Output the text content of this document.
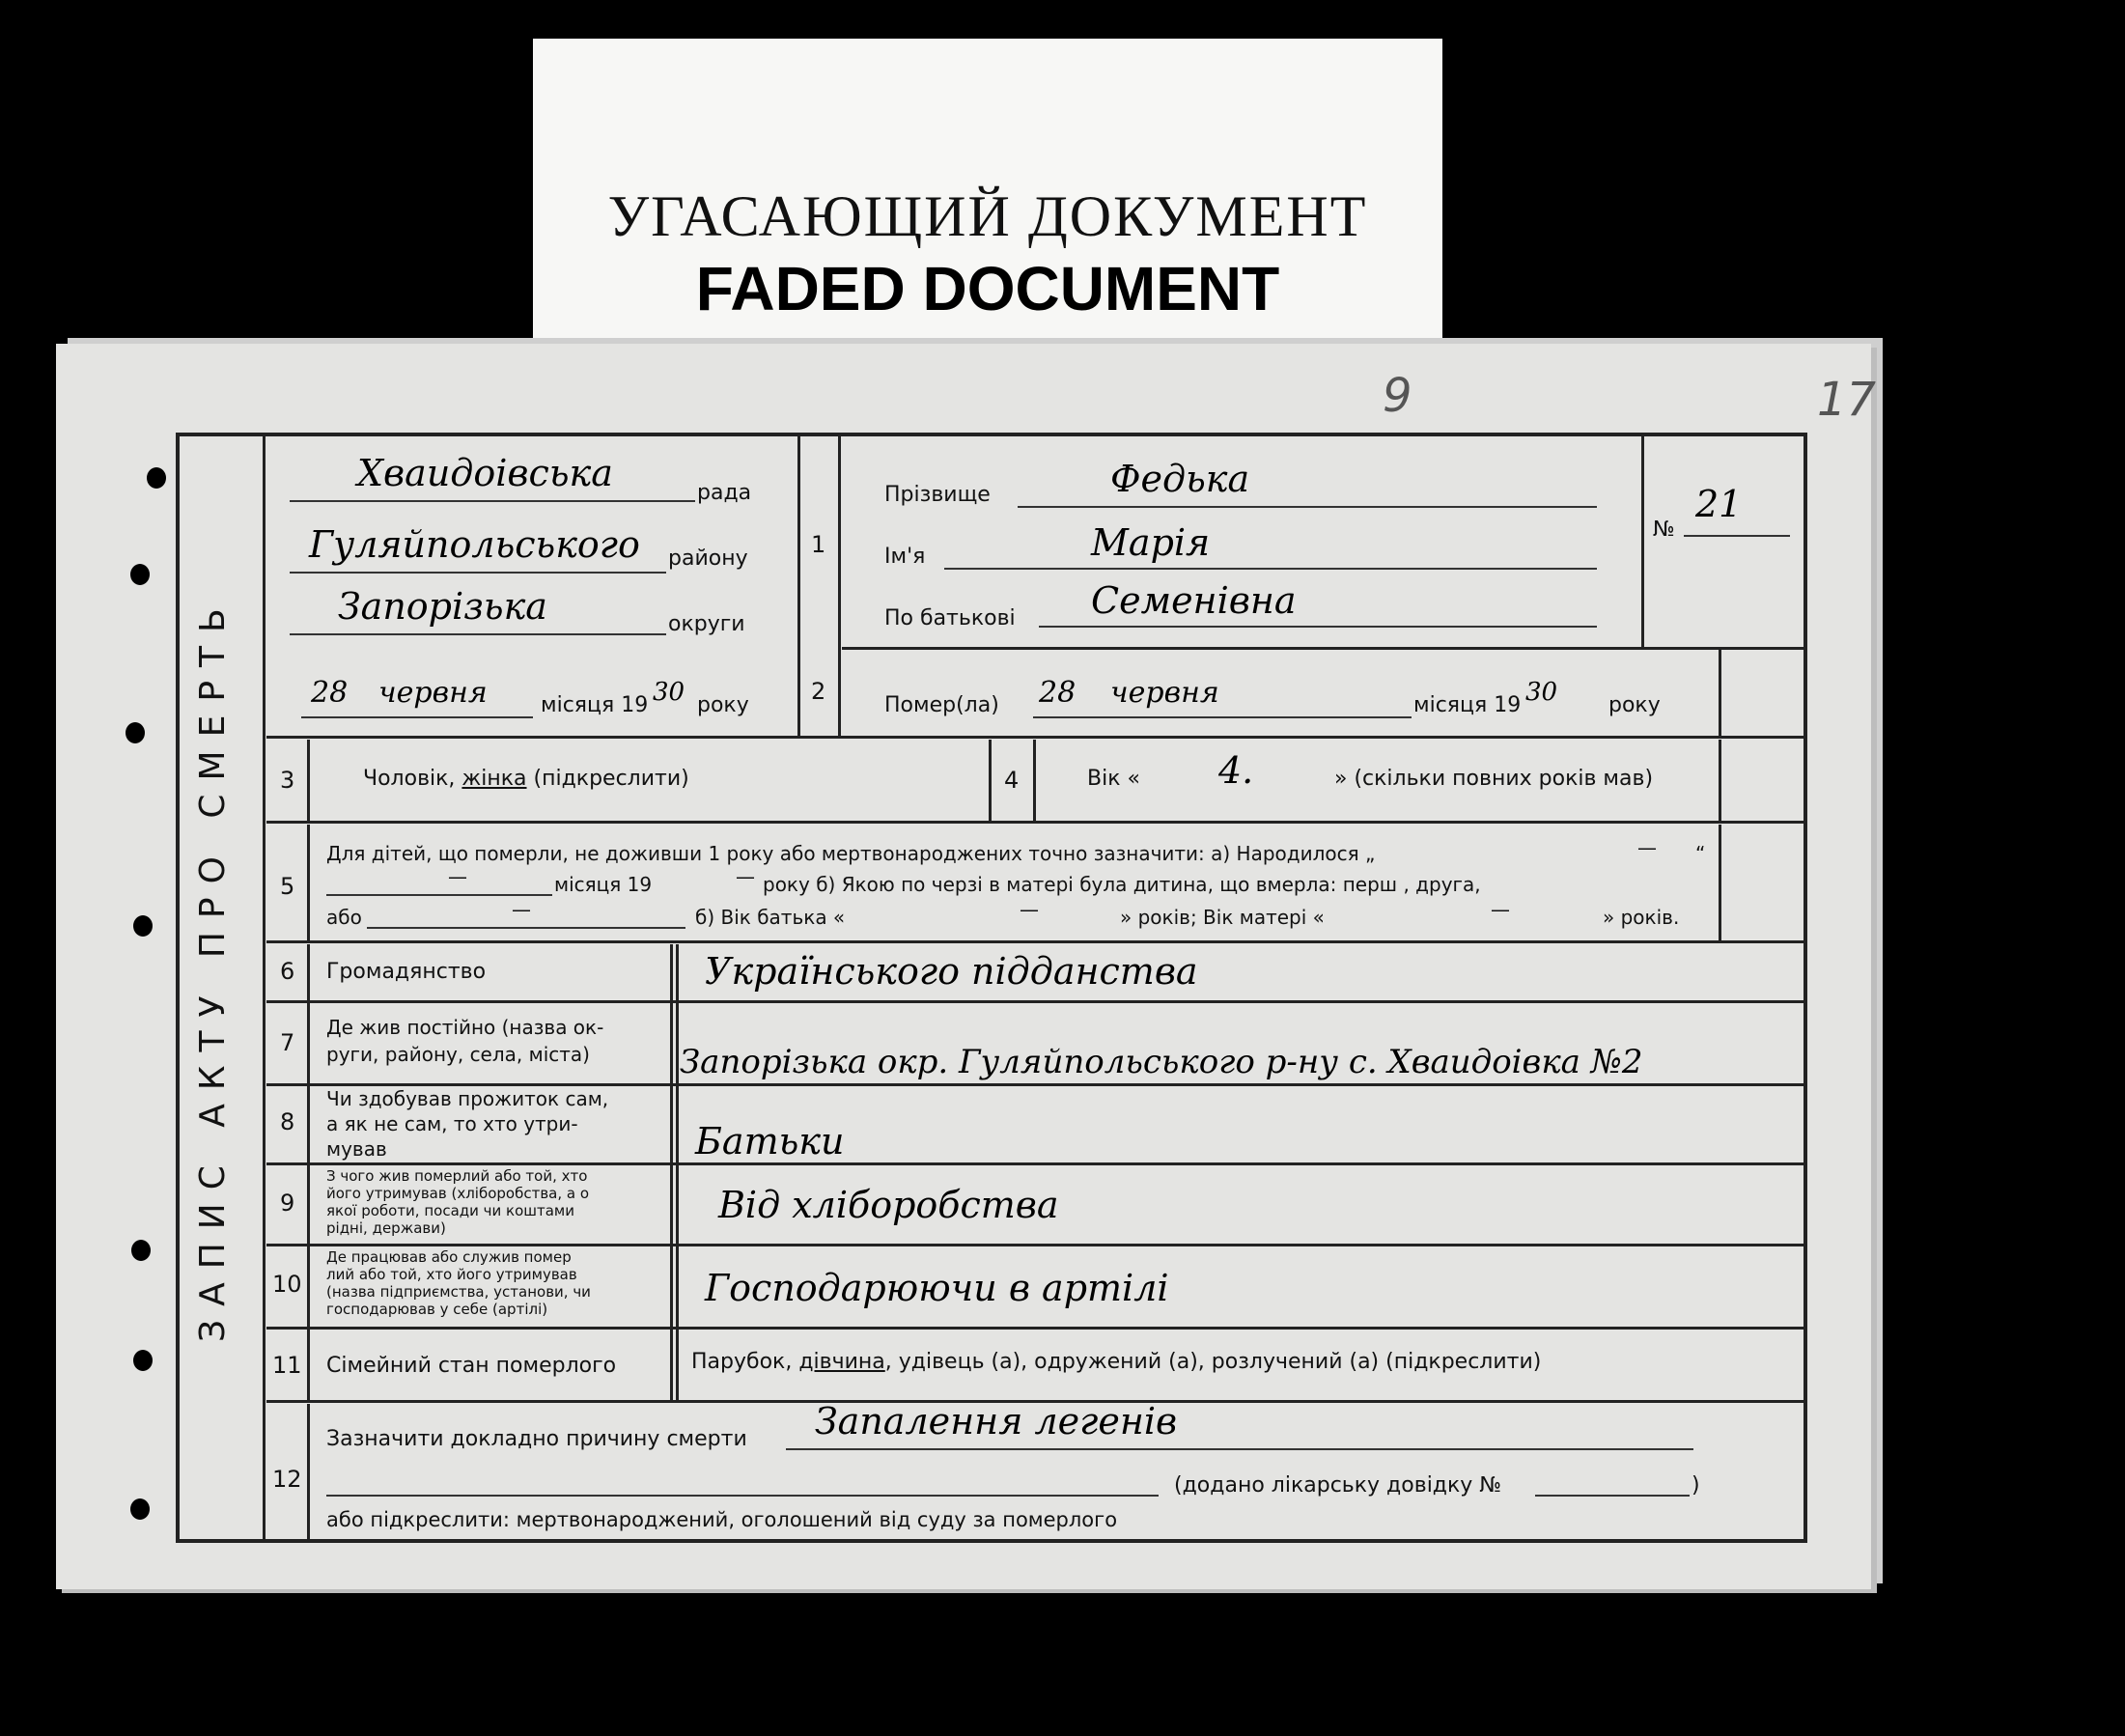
УГАСАЮЩИЙ ДОКУМЕНТ
FADED DOCUMENT
9	17
ЗАПИС АКТУ ПРО СМЕРТЬ
Хваидоівська	рада
Гуляйпольського району
Запорізька	округи
28 червня	місяця 19 30 року
1
Прізвище	Федька
Ім'я	Марія
По батькові Семенівна
№
21
2
Помер(ла) 28 червня	місяця 19 30 року
3	Чоловік, жінка (підкреслити)	4	Вік « 4.	» (скільки повних років мав)
5
Для дітей, що померли, не доживши 1 року або мертвонароджених точно зазначити: а) Народилося „	— “
—	місяця 19	— року б) Якою по черзі в матері була дитина, що вмерла: перш , друга,
або	—	б) Вік батька «	—	» років; Вік матері «	—	» років.
6 Громадянство	Українського підданства
7
Де жив постійно (назва ок-
руги, району, села, міста)	Запорізька окр. Гуляйпольського р-ну с. Хваидоівка №2
8
Чи здобував прожиток сам,
а як не сам, то хто утри-
мував	Батьки
9
З чого жив померлий або той, хто
його утримував (хліборобства, а о
якої роботи, посади чи коштами
рідні, держави)
Від хліборобства
10
Де працював або служив помер
лий або той, хто його утримував
(назва підприємства, установи, чи
господарював у себе (артілі)	Господарюючи в артілі
11 Сімейний стан померлого	Парубок, дівчина, удівець (а), одружений (а), розлучений (а) (підкреслити)
12
Зазначити докладно причину смерти Запалення легенів
(додано лікарську довідку №	)
або підкреслити: мертвонароджений, оголошений від суду за померлого
